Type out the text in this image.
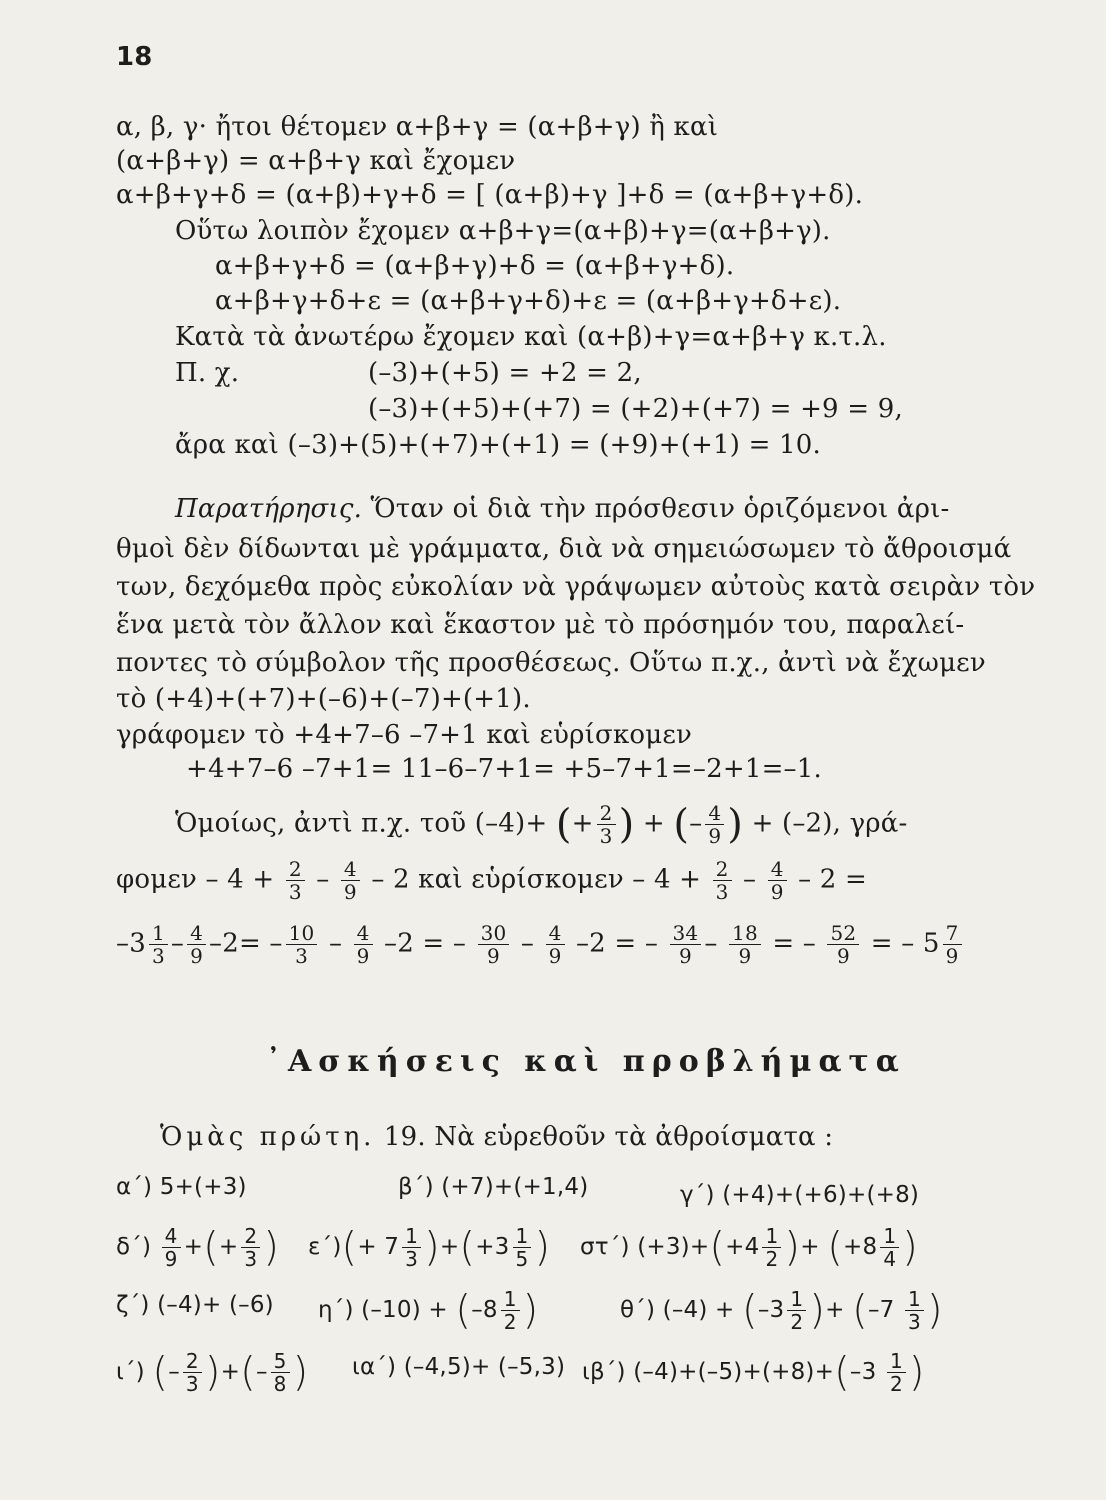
18
α, β, γ· ἤτοι θέτομεν α+β+γ = (α+β+γ) ἢ καὶ
(α+β+γ) = α+β+γ καὶ ἔχομεν
α+β+γ+δ = (α+β)+γ+δ = [ (α+β)+γ ]+δ = (α+β+γ+δ).
Οὕτω λοιπὸν ἔχομεν α+β+γ=(α+β)+γ=(α+β+γ).
α+β+γ+δ = (α+β+γ)+δ = (α+β+γ+δ).
α+β+γ+δ+ε = (α+β+γ+δ)+ε = (α+β+γ+δ+ε).
Κατὰ τὰ ἀνωτέρω ἔχομεν καὶ (α+β)+γ=α+β+γ κ.τ.λ.
Π. χ.	(–3)+(+5) = +2 = 2,
(–3)+(+5)+(+7) = (+2)+(+7) = +9 = 9,
ἄρα καὶ (–3)+(5)+(+7)+(+1) = (+9)+(+1) = 10.
Παρατήρησις. Ὅταν οἱ διὰ τὴν πρόσθεσιν ὁριζόμενοι ἀρι-
θμοὶ δὲν δίδωνται μὲ γράμματα, διὰ νὰ σημειώσωμεν τὸ ἄθροισμά
των, δεχόμεθα πρὸς εὐκολίαν νὰ γράψωμεν αὐτοὺς κατὰ σειρὰν τὸν
ἕνα μετὰ τὸν ἄλλον καὶ ἕκαστον μὲ τὸ πρόσημόν του, παραλεί-
ποντες τὸ σύμβολον τῆς προσθέσεως. Οὕτω π.χ., ἀντὶ νὰ ἔχωμεν
τὸ (+4)+(+7)+(–6)+(–7)+(+1).
γράφομεν τὸ +4+7–6 –7+1 καὶ εὑρίσκομεν
+4+7–6 –7+1= 11–6–7+1= +5–7+1=–2+1=–1.
Ὁμοίως, ἀντὶ π.χ. τοῦ (–4)+ (+ $\frac{2}{3}$ ) + (– $\frac{4}{9}$ ) + (–2), γρά-
$\varphi o\mu\varepsilon\nu - 4 + \frac{2}{3} - \frac{4}{9} - 2$ καὶ εὑρίσκομεν – $4 + \frac{2}{3} - \frac{4}{9} - 2$ =
$-3 \frac{1}{3} - \frac{4}{9} -2= - \frac{10}{3} - \frac{4}{9} -2$ = – $\frac{30}{9} - \frac{4}{9} -2$ = – $\frac{34}{9} - \frac{18}{9}$ = – $\frac{52}{9}$ = – $5 \frac{7}{9}$
᾿Ασκήσεις καὶ προβλήματα
Ὁμὰς πρώτη. 19. Νὰ εὑρεθοῦν τὰ ἀθροίσματα :
α΄) 5+(+3)	β΄) (+7)+(+1,4)	γ΄) (+4)+(+6)+(+8)
$\delta΄) \frac{4}{9}$ +(+ $\frac{2}{3}$ ) $\varepsilon΄)(+ 7 \frac{1}{3} )+(+3 \frac{1}{5}$ ) στ΄) $(+3)+(+4 \frac{1}{2}$ )+ ($+8 \frac{1}{4}$ )
ζ΄) (–4)+ (–6) η΄) $(-10) + (-8 \frac{1}{2}$ )	θ΄) $(-4) + (-3 \frac{1}{2}$ )+ ($-7 \frac{1}{3}$ )
ι΄) (– $\frac{2}{3}$ )+(– $\frac{5}{8}$ ) ια΄) (–4,5)+ (–5,3) ιβ΄) $(-4)+(-5)+(+8)+(-3 \frac{1}{2}$ )
